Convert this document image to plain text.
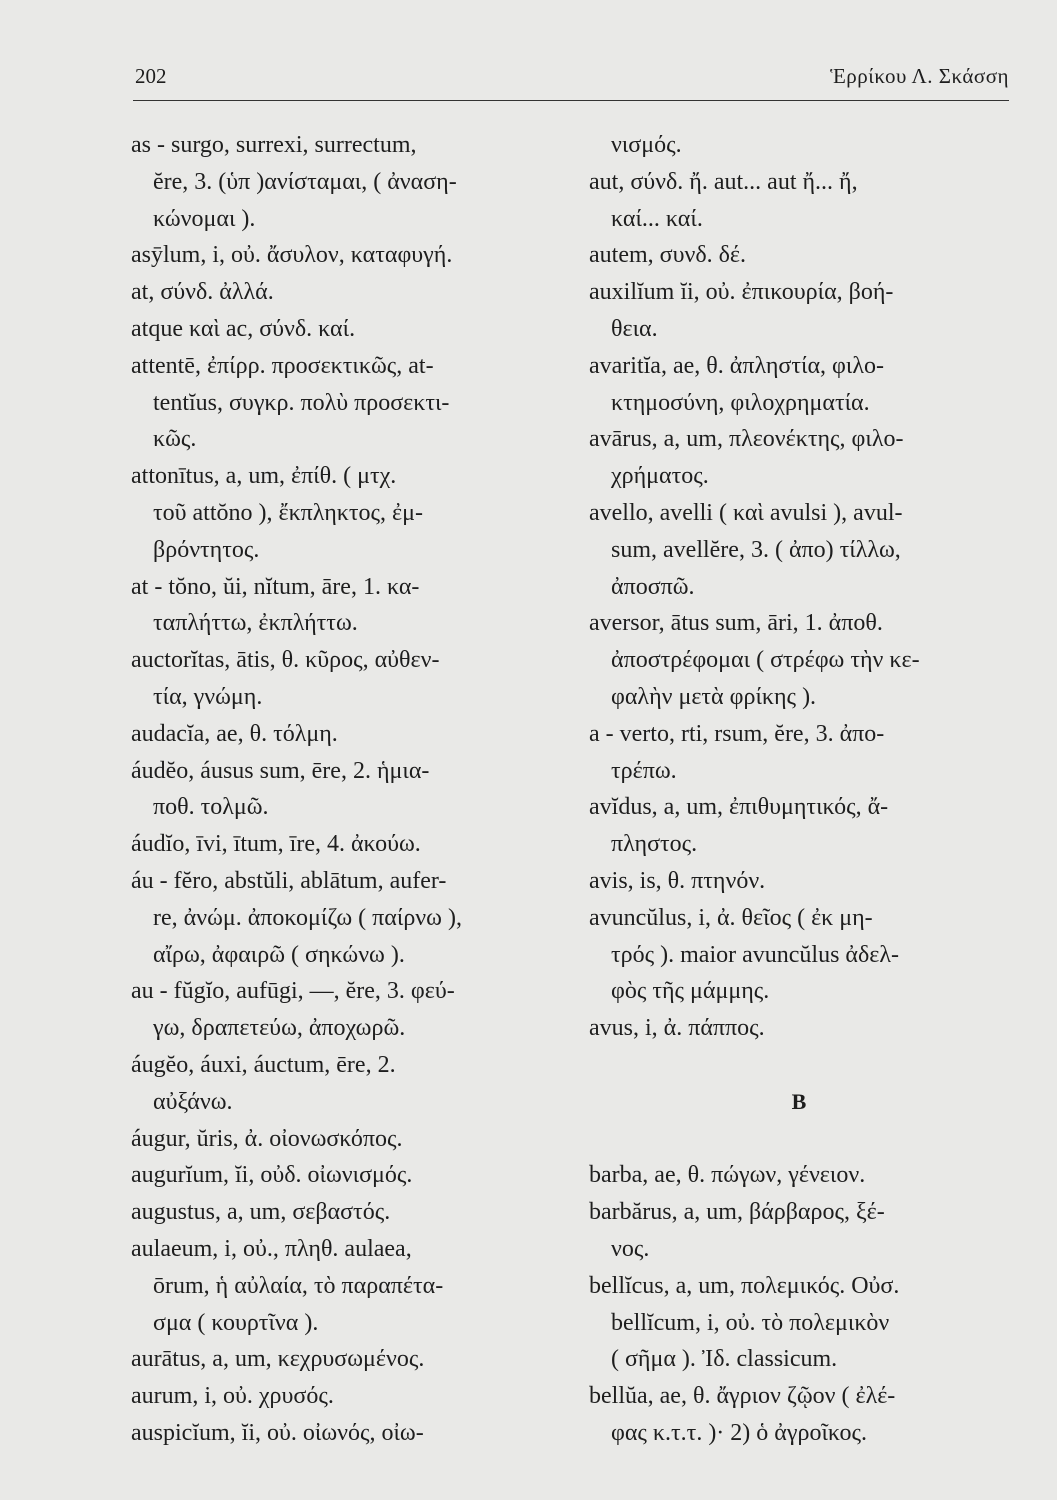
202	Ἑρρίκου Λ. Σκάσση
as - surgo, surrexi, surrectum,
ĕre, 3. (ὑπ )ανίσταμαι, ( ἀναση-
κώνομαι ).
asȳlum, i, οὐ. ἄσυλον, καταφυγή.
at, σύνδ. ἀλλά.
atque καὶ ac, σύνδ. καί.
attentē, ἐπίρρ. προσεκτικῶς, at-
tentĭus, συγκρ. πολὺ προσεκτι-
κῶς.
attonītus, a, um, ἐπίθ. ( μτχ.
τοῦ attŏno ), ἔκπληκτος, ἐμ-
βρόντητος.
at - tŏno, ŭi, nĭtum, āre, 1. κα-
ταπλήττω, ἐκπλήττω.
auctorĭtas, ātis, θ. κῦρος, αὐθεν-
τία, γνώμη.
audacĭa, ae, θ. τόλμη.
áudĕo, áusus sum, ēre, 2. ἡμια-
ποθ. τολμῶ.
áudĭo, īvi, ītum, īre, 4. ἀκούω.
áu - fĕro, abstŭli, ablātum, aufer-
re, ἀνώμ. ἀποκομίζω ( παίρνω ),
αἴρω, ἀφαιρῶ ( σηκώνω ).
au - fŭgĭo, aufūgi, —, ĕre, 3. φεύ-
γω, δραπετεύω, ἀποχωρῶ.
áugĕo, áuxi, áuctum, ēre, 2.
αὐξάνω.
áugur, ŭris, ἀ. οἰονωσκόπος.
augurĭum, ĭi, οὐδ. οἰωνισμός.
augustus, a, um, σεβαστός.
aulaeum, i, οὐ., πληθ. aulaea,
ōrum, ἡ αὐλαία, τὸ παραπέτα-
σμα ( κουρτῖνα ).
aurātus, a, um, κεχρυσωμένος.
aurum, i, οὐ. χρυσός.
auspicĭum, ĭi, οὐ. οἰωνός, οἰω-
νισμός.
aut, σύνδ. ἤ. aut... aut ἤ... ἤ,
καί... καί.
autem, συνδ. δέ.
auxilĭum ĭi, οὐ. ἐπικουρία, βοή-
θεια.
avaritĭa, ae, θ. ἀπληστία, φιλο-
κτημοσύνη, φιλοχρηματία.
avārus, a, um, πλεονέκτης, φιλο-
χρήματος.
avello, avelli ( καὶ avulsi ), avul-
sum, avellĕre, 3. ( ἀπο) τίλλω,
ἀποσπῶ.
aversor, ātus sum, āri, 1. ἀποθ.
ἀποστρέφομαι ( στρέφω τὴν κε-
φαλὴν μετὰ φρίκης ).
a - verto, rti, rsum, ĕre, 3. ἀπο-
τρέπω.
avĭdus, a, um, ἐπιθυμητικός, ἄ-
πληστος.
avis, is, θ. πτηνόν.
avuncŭlus, i, ἀ. θεῖος ( ἐκ μη-
τρός ). maior avuncŭlus ἀδελ-
φὸς τῆς μάμμης.
avus, i, ἀ. πάππος.
B
barba, ae, θ. πώγων, γένειον.
barbărus, a, um, βάρβαρος, ξέ-
νος.
bellĭcus, a, um, πολεμικός. Οὐσ.
bellĭcum, i, οὐ. τὸ πολεμικὸν
( σῆμα ). Ἰδ. classicum.
bellŭa, ae, θ. ἄγριον ζῷον ( ἐλέ-
φας κ.τ.τ. )· 2) ὁ ἀγροῖκος.
